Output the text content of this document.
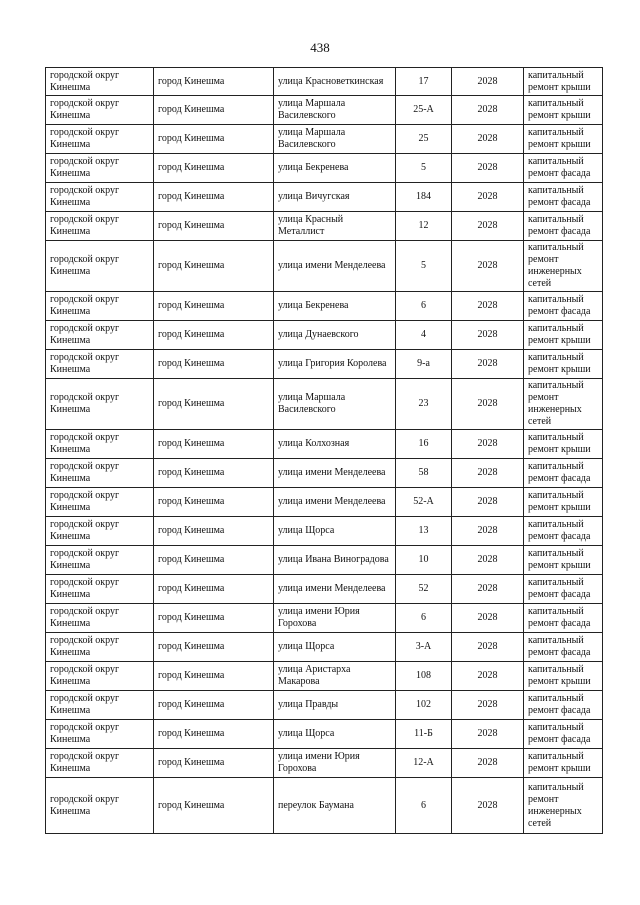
438
городской округ Кинешма	город Кинешма	улица Красноветкинская	17	2028	капитальный ремонт крыши
городской округ Кинешма	город Кинешма	улица Маршала Василевского	25-А	2028	капитальный ремонт крыши
городской округ Кинешма	город Кинешма	улица Маршала Василевского	25	2028	капитальный ремонт крыши
городской округ Кинешма	город Кинешма	улица Бекренева	5	2028	капитальный ремонт фасада
городской округ Кинешма	город Кинешма	улица Вичугская	184	2028	капитальный ремонт фасада
городской округ Кинешма	город Кинешма	улица Красный Металлист	12	2028	капитальный ремонт фасада
городской округ Кинешма	город Кинешма	улица имени Менделеева	5	2028	капитальный ремонт инженерных сетей
городской округ Кинешма	город Кинешма	улица Бекренева	6	2028	капитальный ремонт фасада
городской округ Кинешма	город Кинешма	улица Дунаевского	4	2028	капитальный ремонт крыши
городской округ Кинешма	город Кинешма	улица Григория Королева	9-а	2028	капитальный ремонт крыши
городской округ Кинешма	город Кинешма	улица Маршала Василевского	23	2028	капитальный ремонт инженерных сетей
городской округ Кинешма	город Кинешма	улица Колхозная	16	2028	капитальный ремонт крыши
городской округ Кинешма	город Кинешма	улица имени Менделеева	58	2028	капитальный ремонт фасада
городской округ Кинешма	город Кинешма	улица имени Менделеева	52-А	2028	капитальный ремонт крыши
городской округ Кинешма	город Кинешма	улица Щорса	13	2028	капитальный ремонт фасада
городской округ Кинешма	город Кинешма	улица Ивана Виноградова	10	2028	капитальный ремонт крыши
городской округ Кинешма	город Кинешма	улица имени Менделеева	52	2028	капитальный ремонт фасада
городской округ Кинешма	город Кинешма	улица имени Юрия Горохова	6	2028	капитальный ремонт фасада
городской округ Кинешма	город Кинешма	улица Щорса	3-А	2028	капитальный ремонт фасада
городской округ Кинешма	город Кинешма	улица Аристарха Макарова	108	2028	капитальный ремонт крыши
городской округ Кинешма	город Кинешма	улица Правды	102	2028	капитальный ремонт фасада
городской округ Кинешма	город Кинешма	улица Щорса	11-Б	2028	капитальный ремонт фасада
городской округ Кинешма	город Кинешма	улица имени Юрия Горохова	12-А	2028	капитальный ремонт крыши
городской округ Кинешма	город Кинешма	переулок Баумана	6	2028	капитальный ремонт инженерных сетей
